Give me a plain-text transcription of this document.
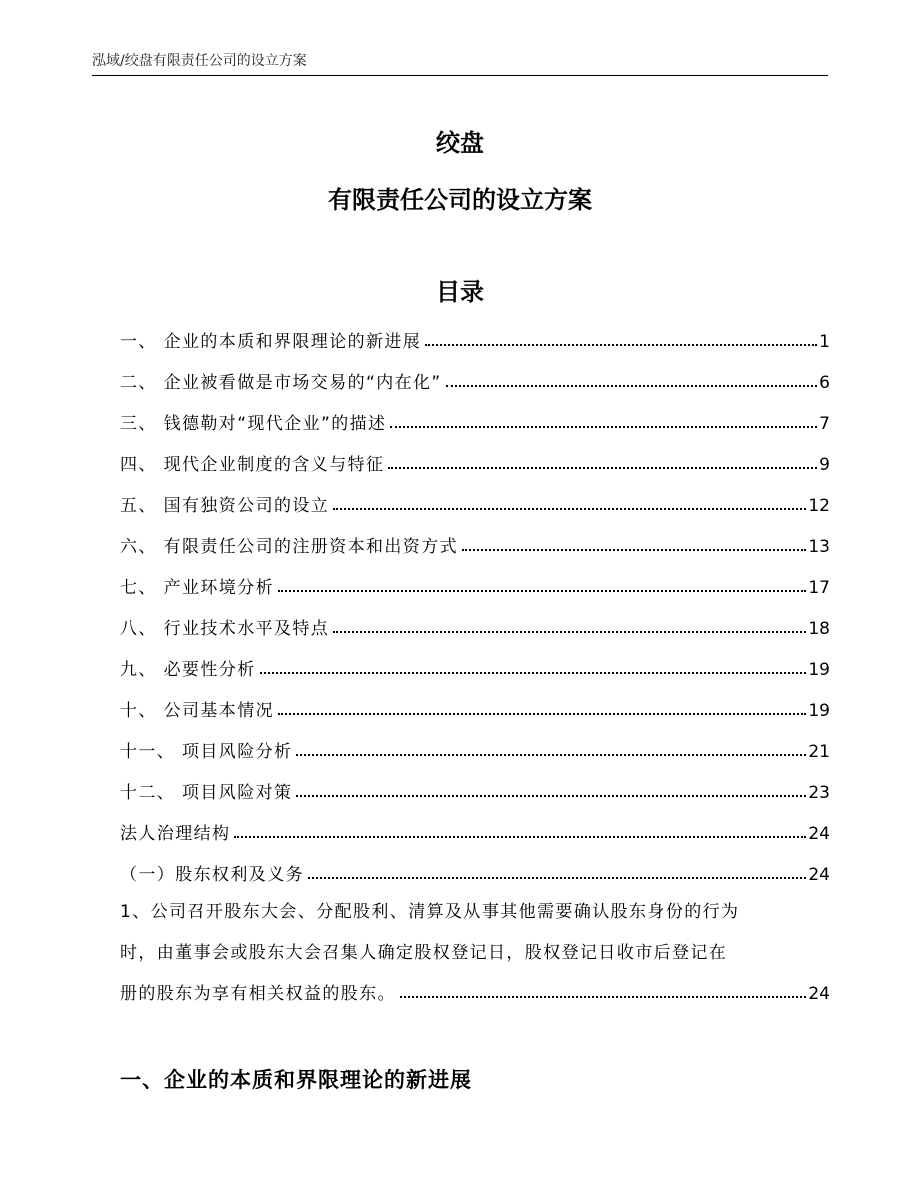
泓域/绞盘有限责任公司的设立方案
绞盘
有限责任公司的设立方案
目录
一、 企业的本质和界限理论的新进展	1
二、 企业被看做是市场交易的“内在化”	6
三、 钱德勒对“现代企业”的描述	7
四、 现代企业制度的含义与特征	9
五、 国有独资公司的设立	12
六、 有限责任公司的注册资本和出资方式	13
七、 产业环境分析	17
八、 行业技术水平及特点	18
九、 必要性分析	19
十、 公司基本情况	19
十一、 项目风险分析	21
十二、 项目风险对策	23
法人治理结构	24
（一）股东权利及义务	24
1、公司召开股东大会、分配股利、清算及从事其他需要确认股东身份的行为
时，由董事会或股东大会召集人确定股权登记日，股权登记日收市后登记在
册的股东为享有相关权益的股东。	24
一、企业的本质和界限理论的新进展
